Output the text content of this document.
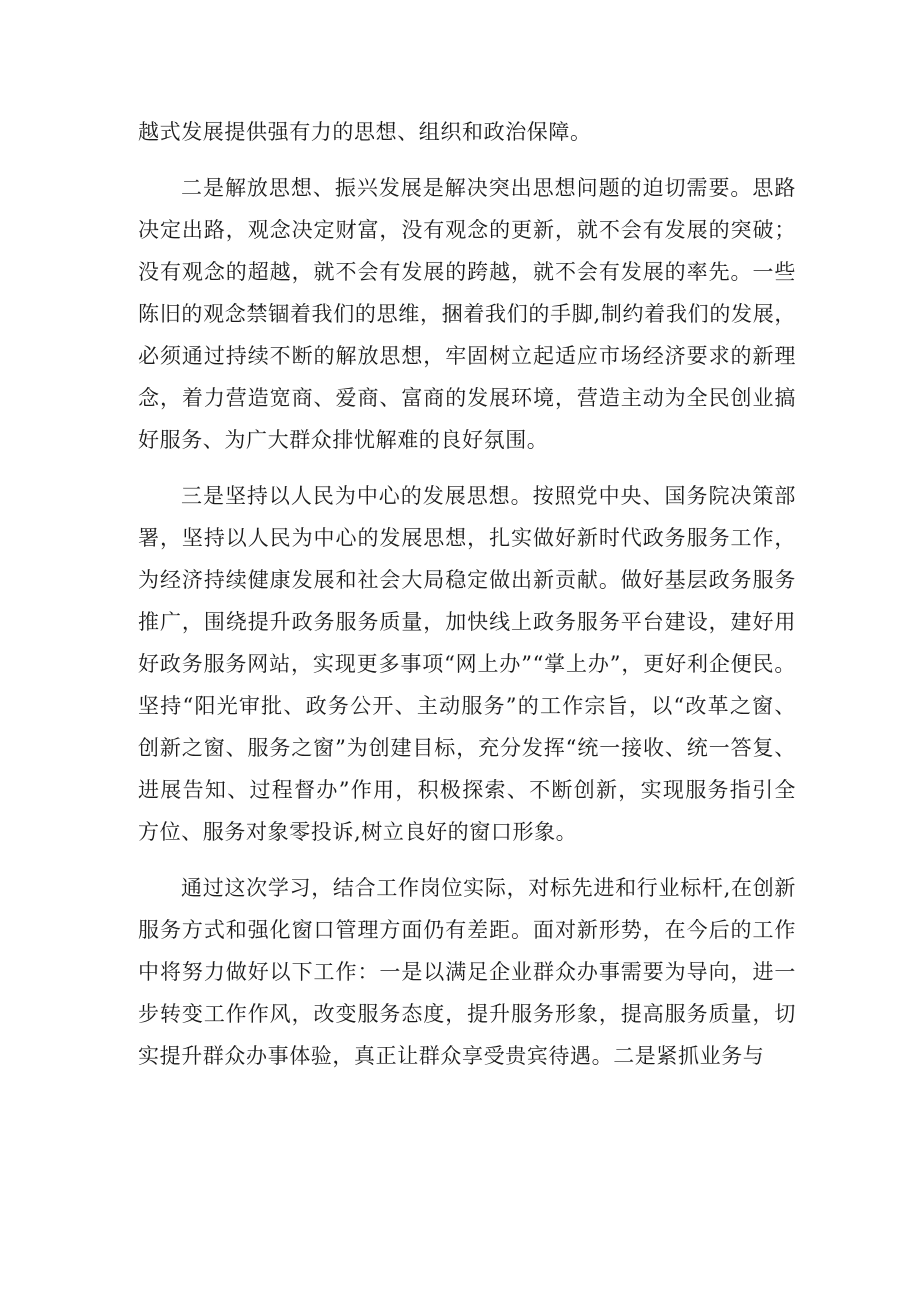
越式发展提供强有力的思想、组织和政治保障。

二是解放思想、振兴发展是解决突出思想问题的迫切需要。思路决定出路，观念决定财富，没有观念的更新，就不会有发展的突破；没有观念的超越，就不会有发展的跨越，就不会有发展的率先。一些陈旧的观念禁锢着我们的思维，捆着我们的手脚,制约着我们的发展，必须通过持续不断的解放思想，牢固树立起适应市场经济要求的新理念，着力营造宽商、爱商、富商的发展环境，营造主动为全民创业搞好服务、为广大群众排忧解难的良好氛围。

三是坚持以人民为中心的发展思想。按照党中央、国务院决策部署，坚持以人民为中心的发展思想，扎实做好新时代政务服务工作，为经济持续健康发展和社会大局稳定做出新贡献。做好基层政务服务推广，围绕提升政务服务质量，加快线上政务服务平台建设，建好用好政务服务网站，实现更多事项“网上办”“掌上办”，更好利企便民。坚持“阳光审批、政务公开、主动服务”的工作宗旨，以“改革之窗、创新之窗、服务之窗”为创建目标，充分发挥“统一接收、统一答复、进展告知、过程督办”作用，积极探索、不断创新，实现服务指引全方位、服务对象零投诉,树立良好的窗口形象。

通过这次学习，结合工作岗位实际，对标先进和行业标杆,在创新服务方式和强化窗口管理方面仍有差距。面对新形势，在今后的工作中将努力做好以下工作：一是以满足企业群众办事需要为导向，进一步转变工作作风，改变服务态度，提升服务形象，提高服务质量，切实提升群众办事体验，真正让群众享受贵宾待遇。二是紧抓业务与
